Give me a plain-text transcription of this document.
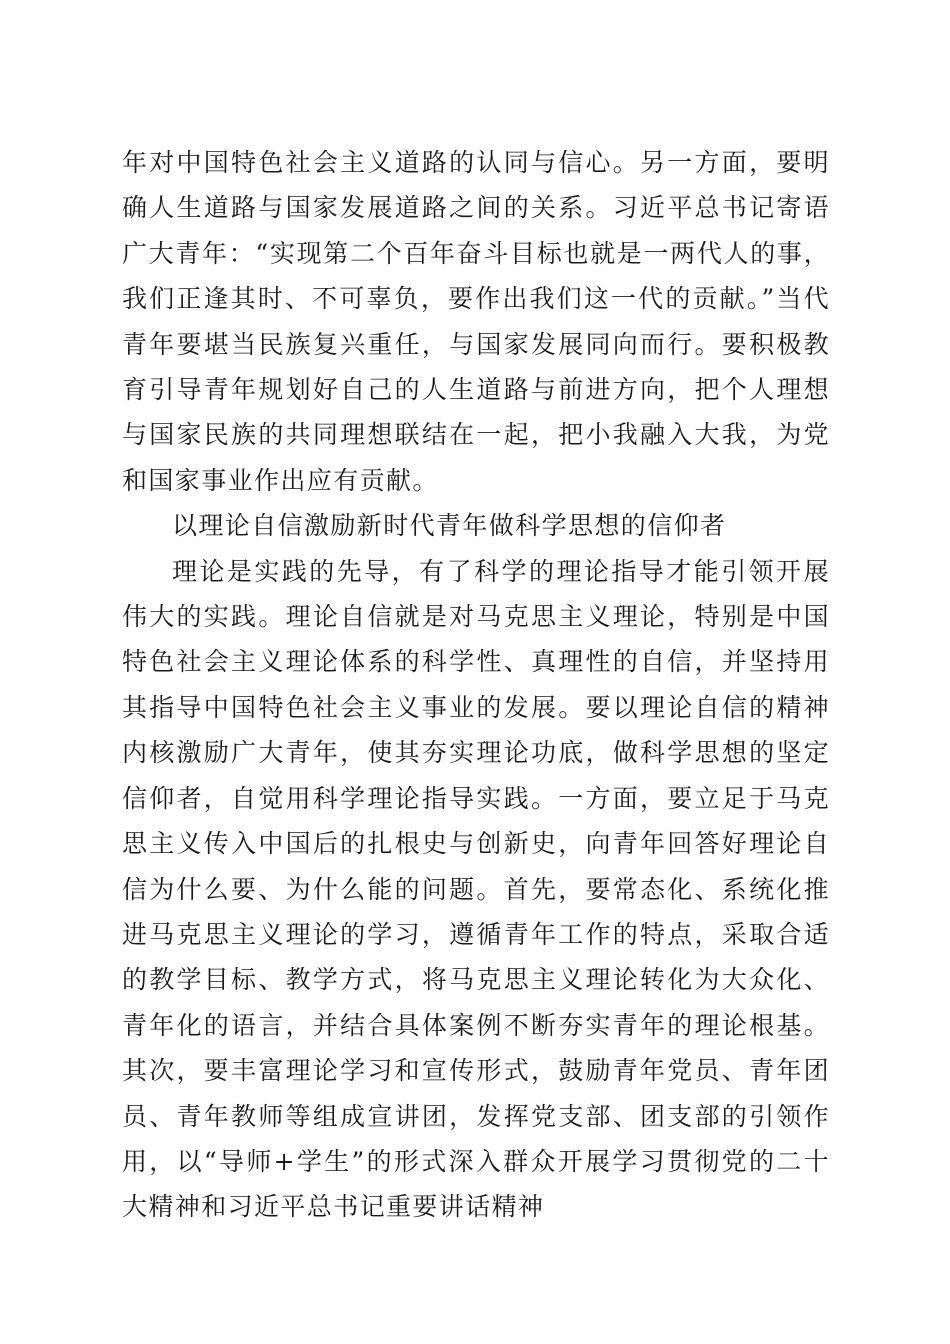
年对中国特色社会主义道路的认同与信心。另一方面，要明确人生道路与国家发展道路之间的关系。习近平总书记寄语广大青年：“实现第二个百年奋斗目标也就是一两代人的事，我们正逢其时、不可辜负，要作出我们这一代的贡献。”当代青年要堪当民族复兴重任，与国家发展同向而行。要积极教育引导青年规划好自己的人生道路与前进方向，把个人理想与国家民族的共同理想联结在一起，把小我融入大我，为党和国家事业作出应有贡献。

以理论自信激励新时代青年做科学思想的信仰者

理论是实践的先导，有了科学的理论指导才能引领开展伟大的实践。理论自信就是对马克思主义理论，特别是中国特色社会主义理论体系的科学性、真理性的自信，并坚持用其指导中国特色社会主义事业的发展。要以理论自信的精神内核激励广大青年，使其夯实理论功底，做科学思想的坚定信仰者，自觉用科学理论指导实践。一方面，要立足于马克思主义传入中国后的扎根史与创新史，向青年回答好理论自信为什么要、为什么能的问题。首先，要常态化、系统化推进马克思主义理论的学习，遵循青年工作的特点，采取合适的教学目标、教学方式，将马克思主义理论转化为大众化、青年化的语言，并结合具体案例不断夯实青年的理论根基。其次，要丰富理论学习和宣传形式，鼓励青年党员、青年团员、青年教师等组成宣讲团，发挥党支部、团支部的引领作用，以“导师+学生”的形式深入群众开展学习贯彻党的二十大精神和习近平总书记重要讲话精神
